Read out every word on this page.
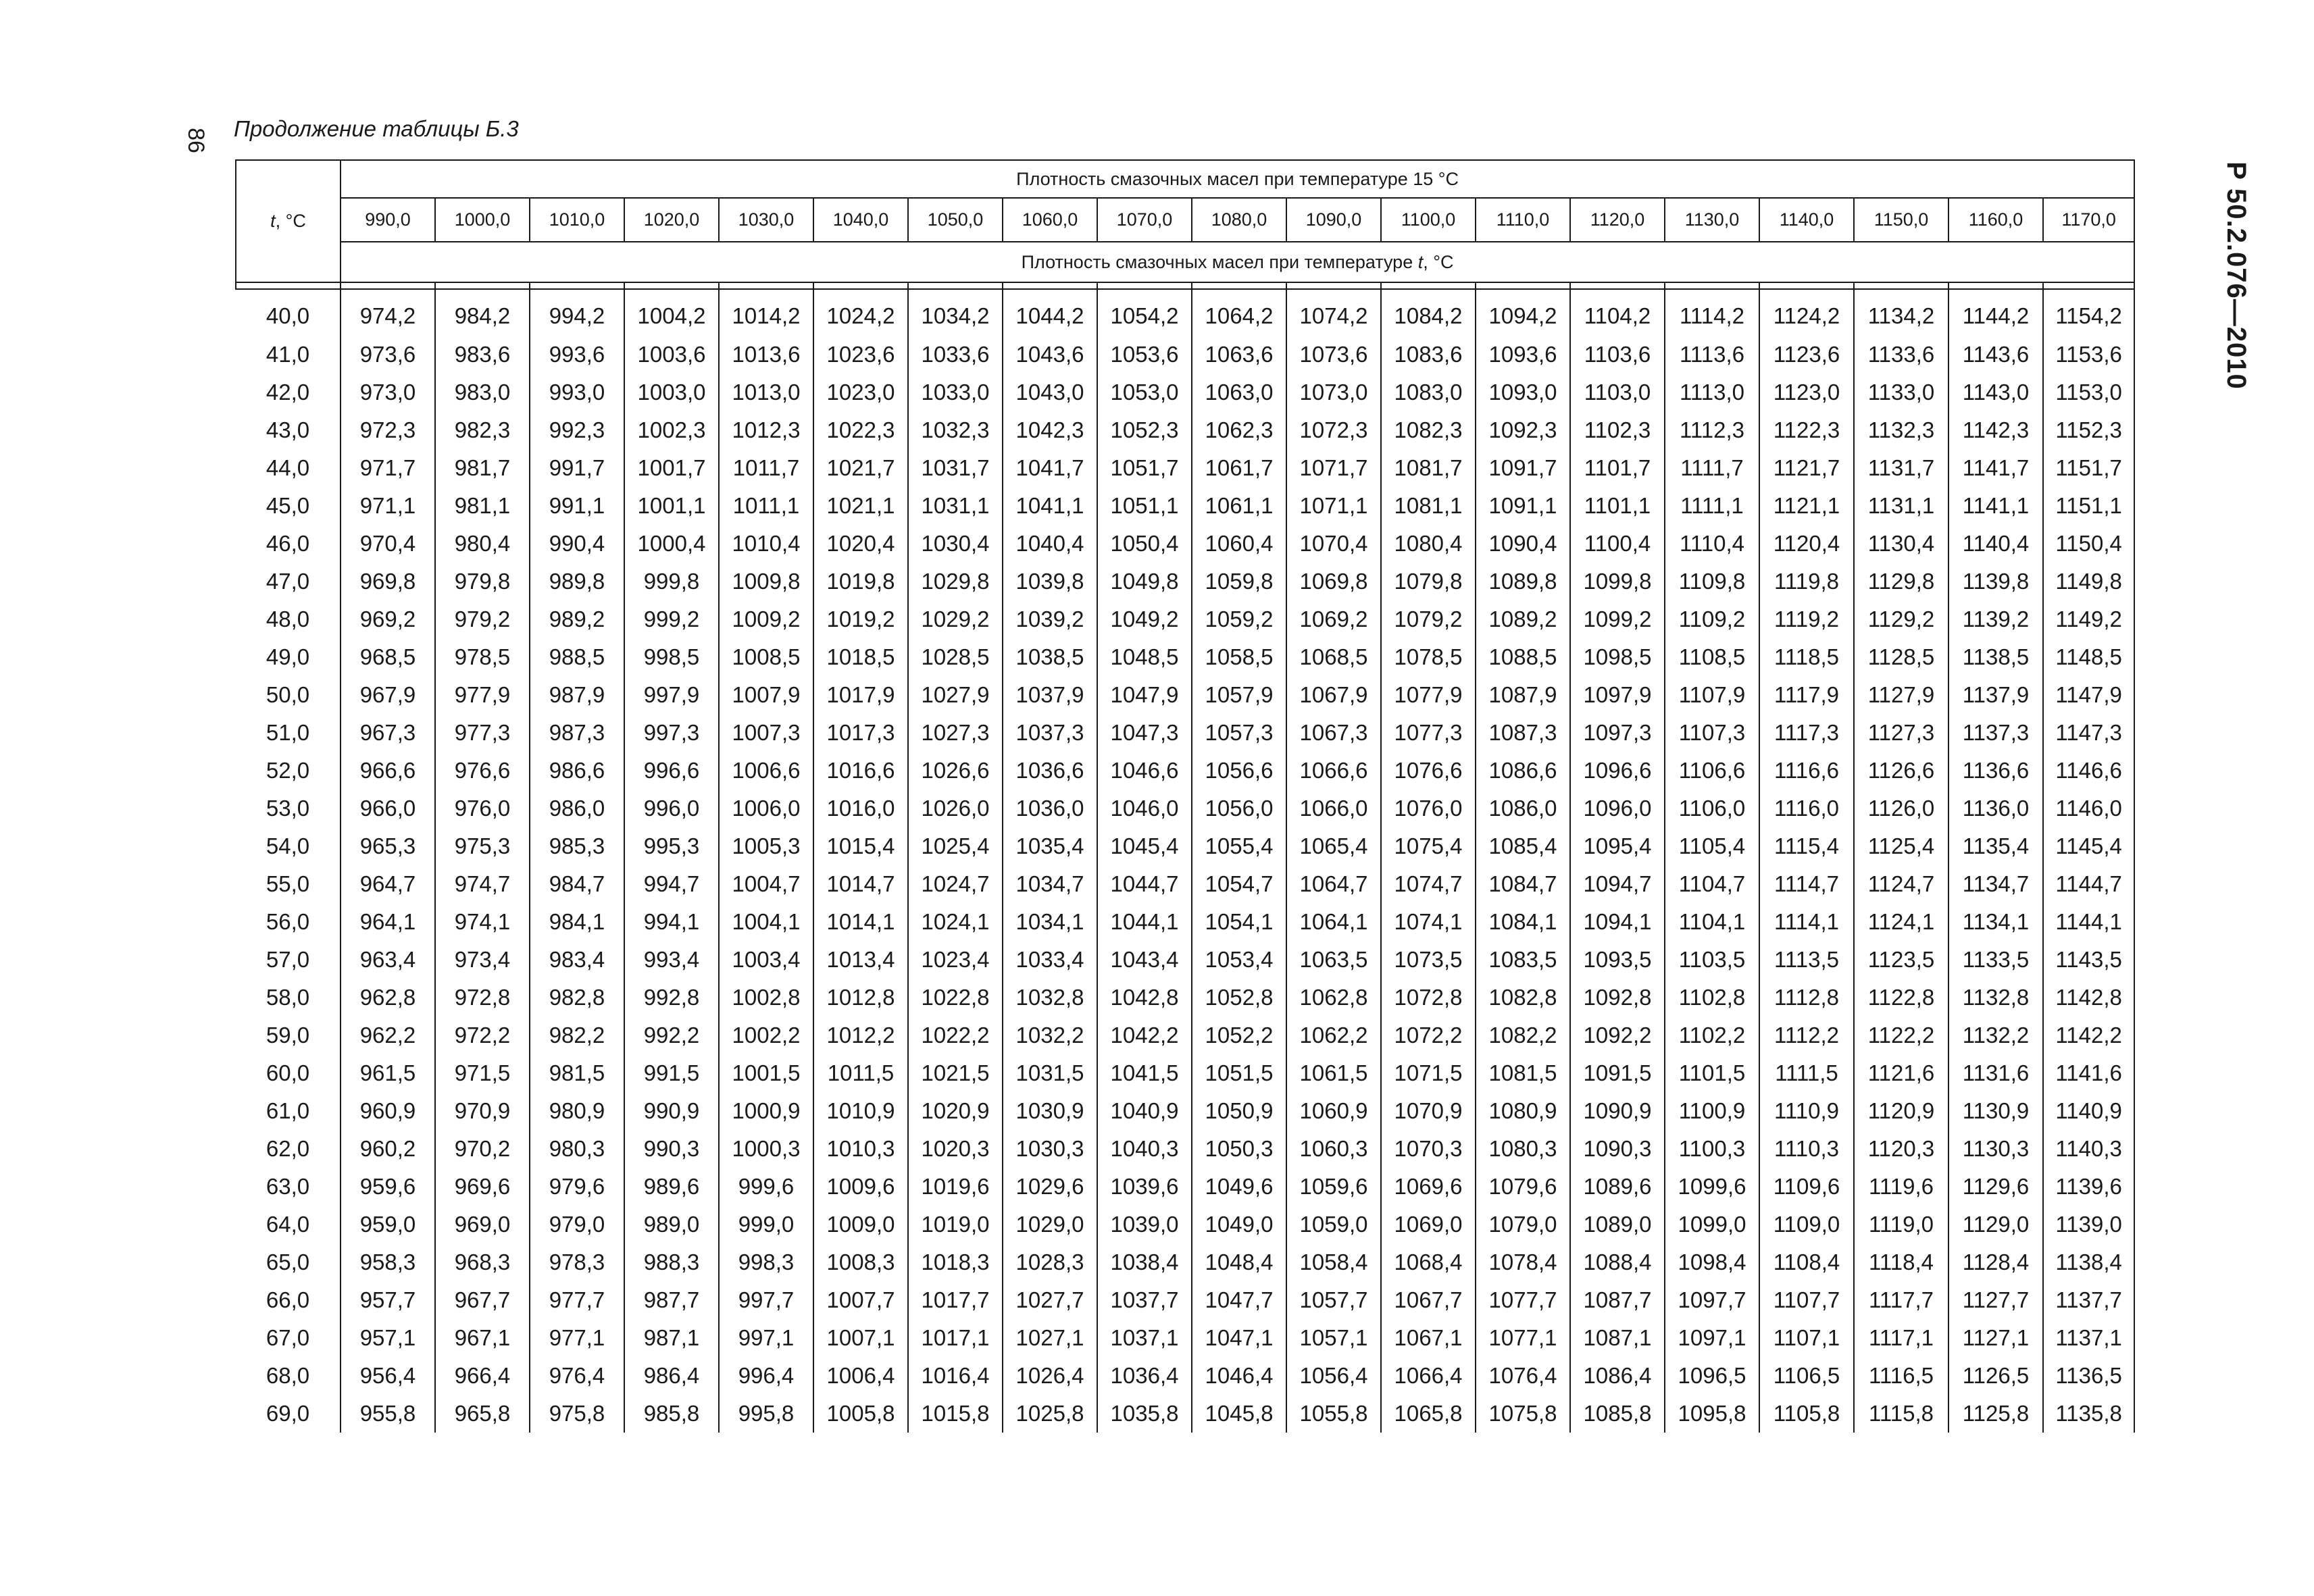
86	Продолжение таблицы Б.3
Р 50.2.076—2010
t, °C	Плотность смазочных масел при температуре 15 °C																		
	990,0	1000,0	1010,0	1020,0	1030,0	1040,0	1050,0	1060,0	1070,0	1080,0	1090,0	1100,0	1110,0	1120,0	1130,0	1140,0	1150,0	1160,0	1170,0
	Плотность смазочных масел при температуре t, °C																		

40,0	974,2	984,2	994,2	1004,2	1014,2	1024,2	1034,2	1044,2	1054,2	1064,2	1074,2	1084,2	1094,2	1104,2	1114,2	1124,2	1134,2	1144,2	1154,2
41,0	973,6	983,6	993,6	1003,6	1013,6	1023,6	1033,6	1043,6	1053,6	1063,6	1073,6	1083,6	1093,6	1103,6	1113,6	1123,6	1133,6	1143,6	1153,6
42,0	973,0	983,0	993,0	1003,0	1013,0	1023,0	1033,0	1043,0	1053,0	1063,0	1073,0	1083,0	1093,0	1103,0	1113,0	1123,0	1133,0	1143,0	1153,0
43,0	972,3	982,3	992,3	1002,3	1012,3	1022,3	1032,3	1042,3	1052,3	1062,3	1072,3	1082,3	1092,3	1102,3	1112,3	1122,3	1132,3	1142,3	1152,3
44,0	971,7	981,7	991,7	1001,7	1011,7	1021,7	1031,7	1041,7	1051,7	1061,7	1071,7	1081,7	1091,7	1101,7	1111,7	1121,7	1131,7	1141,7	1151,7
45,0	971,1	981,1	991,1	1001,1	1011,1	1021,1	1031,1	1041,1	1051,1	1061,1	1071,1	1081,1	1091,1	1101,1	1111,1	1121,1	1131,1	1141,1	1151,1
46,0	970,4	980,4	990,4	1000,4	1010,4	1020,4	1030,4	1040,4	1050,4	1060,4	1070,4	1080,4	1090,4	1100,4	1110,4	1120,4	1130,4	1140,4	1150,4
47,0	969,8	979,8	989,8	999,8	1009,8	1019,8	1029,8	1039,8	1049,8	1059,8	1069,8	1079,8	1089,8	1099,8	1109,8	1119,8	1129,8	1139,8	1149,8
48,0	969,2	979,2	989,2	999,2	1009,2	1019,2	1029,2	1039,2	1049,2	1059,2	1069,2	1079,2	1089,2	1099,2	1109,2	1119,2	1129,2	1139,2	1149,2
49,0	968,5	978,5	988,5	998,5	1008,5	1018,5	1028,5	1038,5	1048,5	1058,5	1068,5	1078,5	1088,5	1098,5	1108,5	1118,5	1128,5	1138,5	1148,5
50,0	967,9	977,9	987,9	997,9	1007,9	1017,9	1027,9	1037,9	1047,9	1057,9	1067,9	1077,9	1087,9	1097,9	1107,9	1117,9	1127,9	1137,9	1147,9
51,0	967,3	977,3	987,3	997,3	1007,3	1017,3	1027,3	1037,3	1047,3	1057,3	1067,3	1077,3	1087,3	1097,3	1107,3	1117,3	1127,3	1137,3	1147,3
52,0	966,6	976,6	986,6	996,6	1006,6	1016,6	1026,6	1036,6	1046,6	1056,6	1066,6	1076,6	1086,6	1096,6	1106,6	1116,6	1126,6	1136,6	1146,6
53,0	966,0	976,0	986,0	996,0	1006,0	1016,0	1026,0	1036,0	1046,0	1056,0	1066,0	1076,0	1086,0	1096,0	1106,0	1116,0	1126,0	1136,0	1146,0
54,0	965,3	975,3	985,3	995,3	1005,3	1015,4	1025,4	1035,4	1045,4	1055,4	1065,4	1075,4	1085,4	1095,4	1105,4	1115,4	1125,4	1135,4	1145,4
55,0	964,7	974,7	984,7	994,7	1004,7	1014,7	1024,7	1034,7	1044,7	1054,7	1064,7	1074,7	1084,7	1094,7	1104,7	1114,7	1124,7	1134,7	1144,7
56,0	964,1	974,1	984,1	994,1	1004,1	1014,1	1024,1	1034,1	1044,1	1054,1	1064,1	1074,1	1084,1	1094,1	1104,1	1114,1	1124,1	1134,1	1144,1
57,0	963,4	973,4	983,4	993,4	1003,4	1013,4	1023,4	1033,4	1043,4	1053,4	1063,5	1073,5	1083,5	1093,5	1103,5	1113,5	1123,5	1133,5	1143,5
58,0	962,8	972,8	982,8	992,8	1002,8	1012,8	1022,8	1032,8	1042,8	1052,8	1062,8	1072,8	1082,8	1092,8	1102,8	1112,8	1122,8	1132,8	1142,8
59,0	962,2	972,2	982,2	992,2	1002,2	1012,2	1022,2	1032,2	1042,2	1052,2	1062,2	1072,2	1082,2	1092,2	1102,2	1112,2	1122,2	1132,2	1142,2
60,0	961,5	971,5	981,5	991,5	1001,5	1011,5	1021,5	1031,5	1041,5	1051,5	1061,5	1071,5	1081,5	1091,5	1101,5	1111,5	1121,6	1131,6	1141,6
61,0	960,9	970,9	980,9	990,9	1000,9	1010,9	1020,9	1030,9	1040,9	1050,9	1060,9	1070,9	1080,9	1090,9	1100,9	1110,9	1120,9	1130,9	1140,9
62,0	960,2	970,2	980,3	990,3	1000,3	1010,3	1020,3	1030,3	1040,3	1050,3	1060,3	1070,3	1080,3	1090,3	1100,3	1110,3	1120,3	1130,3	1140,3
63,0	959,6	969,6	979,6	989,6	999,6	1009,6	1019,6	1029,6	1039,6	1049,6	1059,6	1069,6	1079,6	1089,6	1099,6	1109,6	1119,6	1129,6	1139,6
64,0	959,0	969,0	979,0	989,0	999,0	1009,0	1019,0	1029,0	1039,0	1049,0	1059,0	1069,0	1079,0	1089,0	1099,0	1109,0	1119,0	1129,0	1139,0
65,0	958,3	968,3	978,3	988,3	998,3	1008,3	1018,3	1028,3	1038,4	1048,4	1058,4	1068,4	1078,4	1088,4	1098,4	1108,4	1118,4	1128,4	1138,4
66,0	957,7	967,7	977,7	987,7	997,7	1007,7	1017,7	1027,7	1037,7	1047,7	1057,7	1067,7	1077,7	1087,7	1097,7	1107,7	1117,7	1127,7	1137,7
67,0	957,1	967,1	977,1	987,1	997,1	1007,1	1017,1	1027,1	1037,1	1047,1	1057,1	1067,1	1077,1	1087,1	1097,1	1107,1	1117,1	1127,1	1137,1
68,0	956,4	966,4	976,4	986,4	996,4	1006,4	1016,4	1026,4	1036,4	1046,4	1056,4	1066,4	1076,4	1086,4	1096,5	1106,5	1116,5	1126,5	1136,5
69,0	955,8	965,8	975,8	985,8	995,8	1005,8	1015,8	1025,8	1035,8	1045,8	1055,8	1065,8	1075,8	1085,8	1095,8	1105,8	1115,8	1125,8	1135,8
